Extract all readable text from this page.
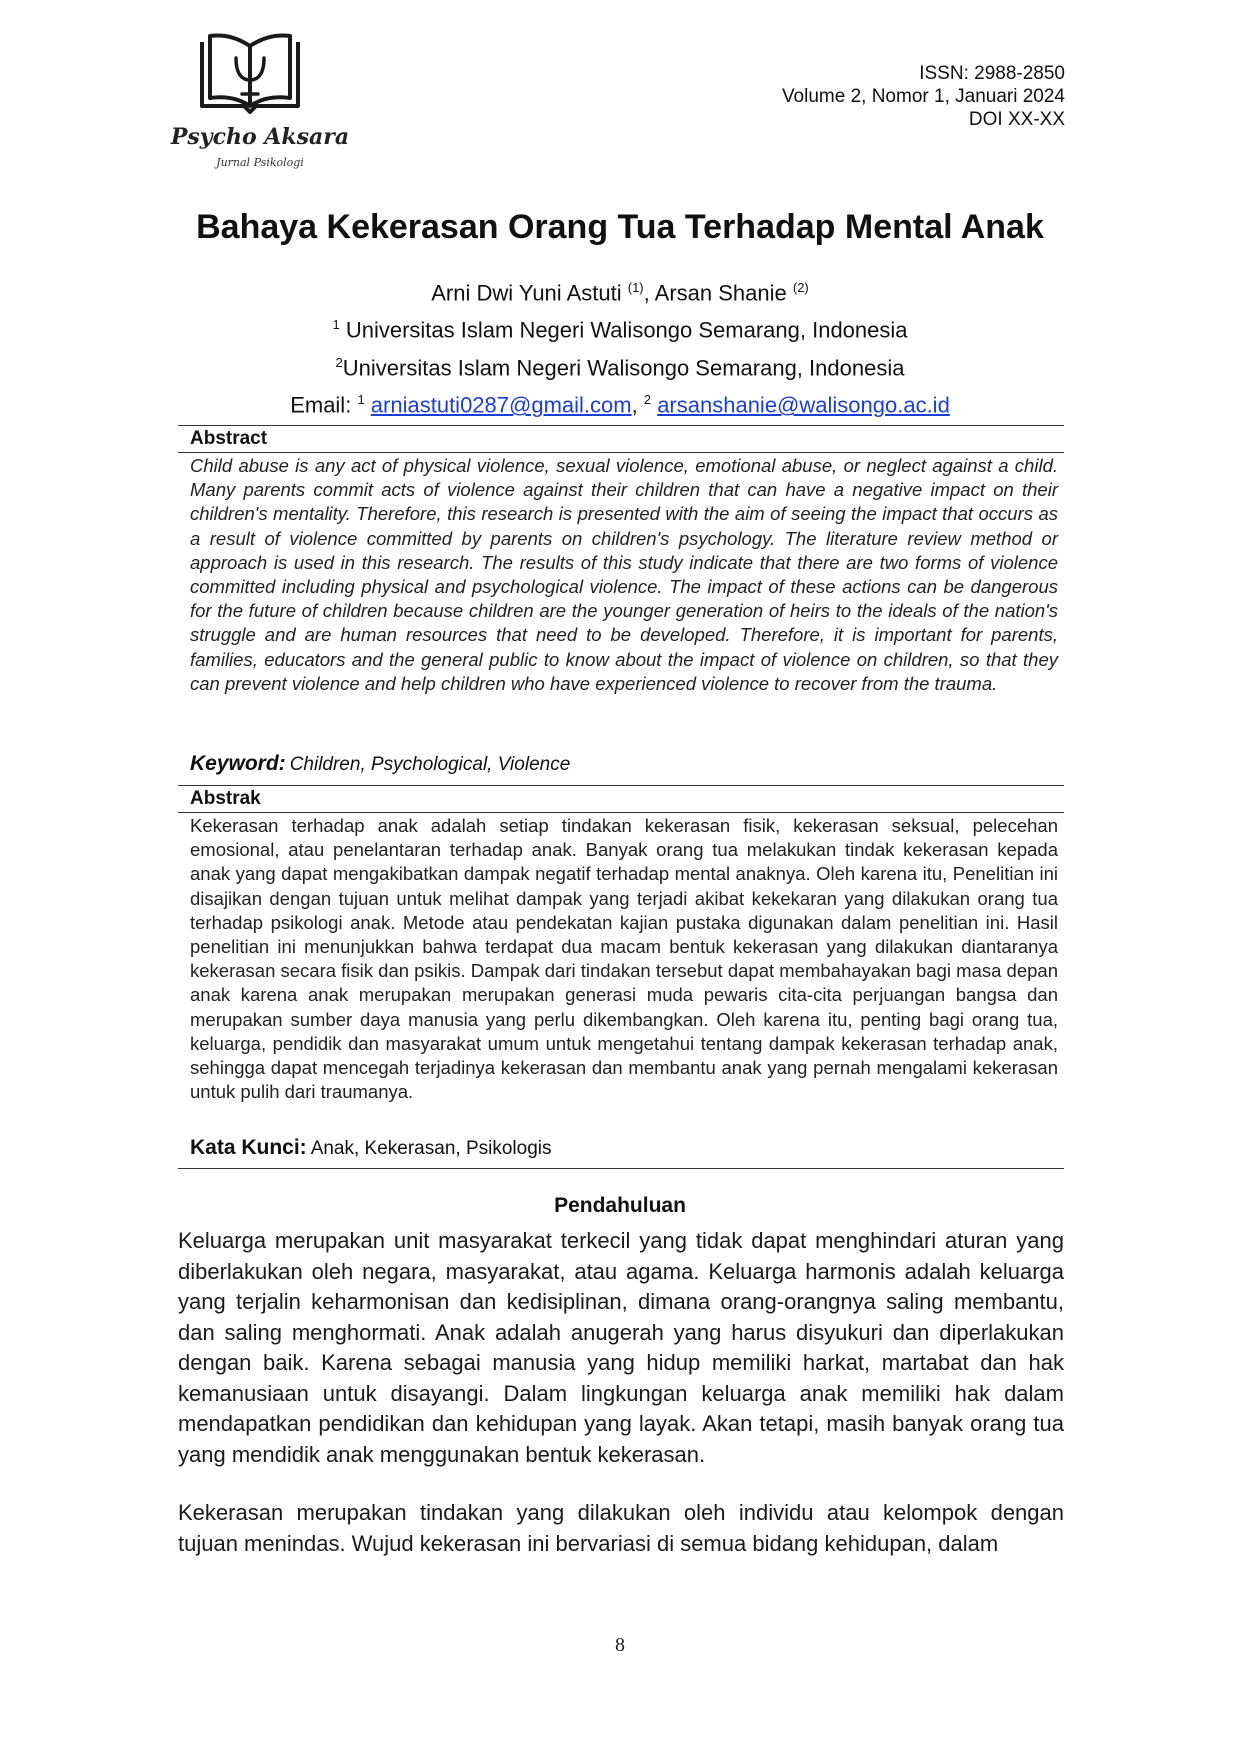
Psycho Aksara
Jurnal Psikologi
ISSN: 2988-2850
Volume 2, Nomor 1, Januari 2024
DOI XX-XX
Bahaya Kekerasan Orang Tua Terhadap Mental Anak
Arni Dwi Yuni Astuti $^{(1)}$, Arsan Shanie $^{(2)}$
$^1$ Universitas Islam Negeri Walisongo Semarang, Indonesia
$^2$Universitas Islam Negeri Walisongo Semarang, Indonesia
Email: $^1$ arniastuti0287@gmail.com, $^2$ arsanshanie@walisongo.ac.id
Abstract
Child abuse is any act of physical violence, sexual violence, emotional abuse, or neglect against a child. Many parents commit acts of violence against their children that can have a negative impact on their children's mentality. Therefore, this research is presented with the aim of seeing the impact that occurs as a result of violence committed by parents on children's psychology. The literature review method or approach is used in this research. The results of this study indicate that there are two forms of violence committed including physical and psychological violence. The impact of these actions can be dangerous for the future of children because children are the younger generation of heirs to the ideals of the nation's struggle and are human resources that need to be developed. Therefore, it is important for parents, families, educators and the general public to know about the impact of violence on children, so that they can prevent violence and help children who have experienced violence to recover from the trauma.
Keyword: Children, Psychological, Violence
Abstrak
Kekerasan terhadap anak adalah setiap tindakan kekerasan fisik, kekerasan seksual, pelecehan emosional, atau penelantaran terhadap anak. Banyak orang tua melakukan tindak kekerasan kepada anak yang dapat mengakibatkan dampak negatif terhadap mental anaknya. Oleh karena itu, Penelitian ini disajikan dengan tujuan untuk melihat dampak yang terjadi akibat kekekaran yang dilakukan orang tua terhadap psikologi anak. Metode atau pendekatan kajian pustaka digunakan dalam penelitian ini. Hasil penelitian ini menunjukkan bahwa terdapat dua macam bentuk kekerasan yang dilakukan diantaranya kekerasan secara fisik dan psikis. Dampak dari tindakan tersebut dapat membahayakan bagi masa depan anak karena anak merupakan merupakan generasi muda pewaris cita-cita perjuangan bangsa dan merupakan sumber daya manusia yang perlu dikembangkan. Oleh karena itu, penting bagi orang tua, keluarga, pendidik dan masyarakat umum untuk mengetahui tentang dampak kekerasan terhadap anak, sehingga dapat mencegah terjadinya kekerasan dan membantu anak yang pernah mengalami kekerasan untuk pulih dari traumanya.
Kata Kunci: Anak, Kekerasan, Psikologis
Pendahuluan
Keluarga merupakan unit masyarakat terkecil yang tidak dapat menghindari aturan yang diberlakukan oleh negara, masyarakat, atau agama. Keluarga harmonis adalah keluarga yang terjalin keharmonisan dan kedisiplinan, dimana orang-orangnya saling membantu, dan saling menghormati. Anak adalah anugerah yang harus disyukuri dan diperlakukan dengan baik. Karena sebagai manusia yang hidup memiliki harkat, martabat dan hak kemanusiaan untuk disayangi. Dalam lingkungan keluarga anak memiliki hak dalam mendapatkan pendidikan dan kehidupan yang layak. Akan tetapi, masih banyak orang tua yang mendidik anak menggunakan bentuk kekerasan.
Kekerasan merupakan tindakan yang dilakukan oleh individu atau kelompok dengan tujuan menindas. Wujud kekerasan ini bervariasi di semua bidang kehidupan, dalam
8
